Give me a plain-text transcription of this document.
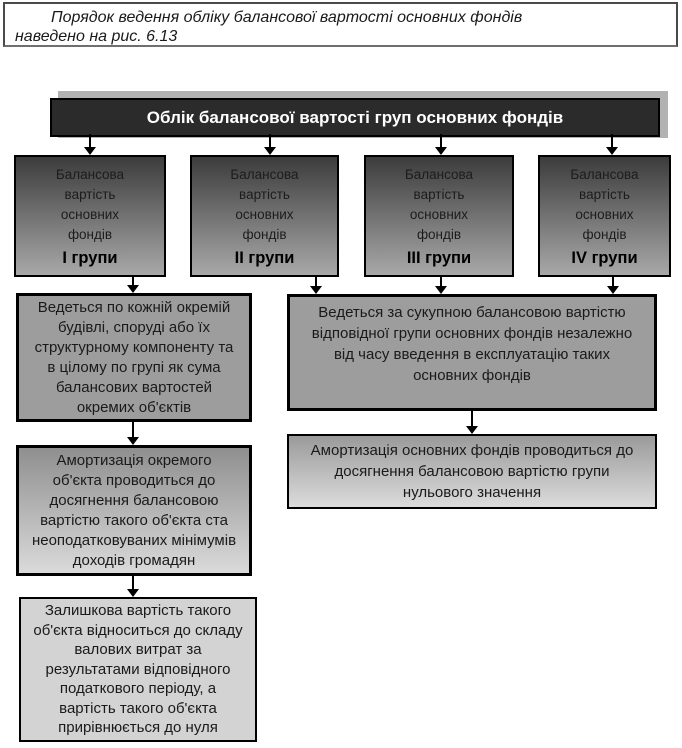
Порядок ведення обліку балансової вартості основних фондів
наведено на рис. 6.13
Облік балансової вартості груп основних фондів
Балансова
вартість
основних
фондів
I групи
Балансова
вартість
основних
фондів
II групи
Балансова
вартість
основних
фондів
III групи
Балансова
вартість
основних
фондів
IV групи
Ведеться по кожній окремій будівлі, споруді або їх структурному компоненту та в цілому по групі як сума балансових вартостей окремих об'єктів
Амортизація окремого об'єкта проводиться до досягнення балансовою вартістю такого об'єкта ста неоподатковуваних мінімумів доходів громадян
Залишкова вартість такого об'єкта відноситься до складу валових витрат за результатами відповідного податкового періоду, а вартість такого об'єкта прирівнюється до нуля
Ведеться за сукупною балансовою вартістю відповідної групи основних фондів незалежно від часу введення в експлуатацію таких основних фондів
Амортизація основних фондів проводиться до досягнення балансовою вартістю групи нульового значення
